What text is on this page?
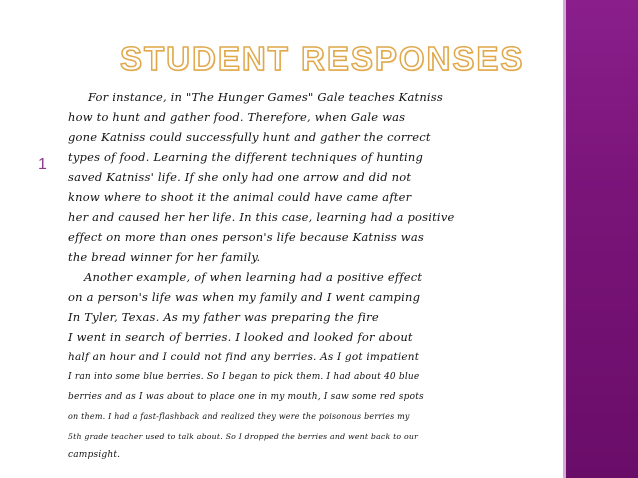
STUDENT RESPONSES
1
For instance, in "The Hunger Games" Gale teaches Katniss
how to hunt and gather food. Therefore, when Gale was
gone Katniss could successfully hunt and gather the correct
types of food. Learning the different techniques of hunting
saved Katniss' life. If she only had one arrow and did not
know where to shoot it the animal could have came after
her and caused her her life. In this case, learning had a positive
effect on more than ones person's life because Katniss was
the bread winner for her family.
Another example, of when learning had a positive effect
on a person's life was when my family and I went camping
In Tyler, Texas. As my father was preparing the fire
I went in search of berries. I looked and looked for about
half an hour and I could not find any berries. As I got impatient
I ran into some blue berries. So I began to pick them. I had about 40 blue
berries and as I was about to place one in my mouth, I saw some red spots
on them. I had a fast-flashback and realized they were the poisonous berries my
5th grade teacher used to talk about. So I dropped the berries and went back to our
campsight.
